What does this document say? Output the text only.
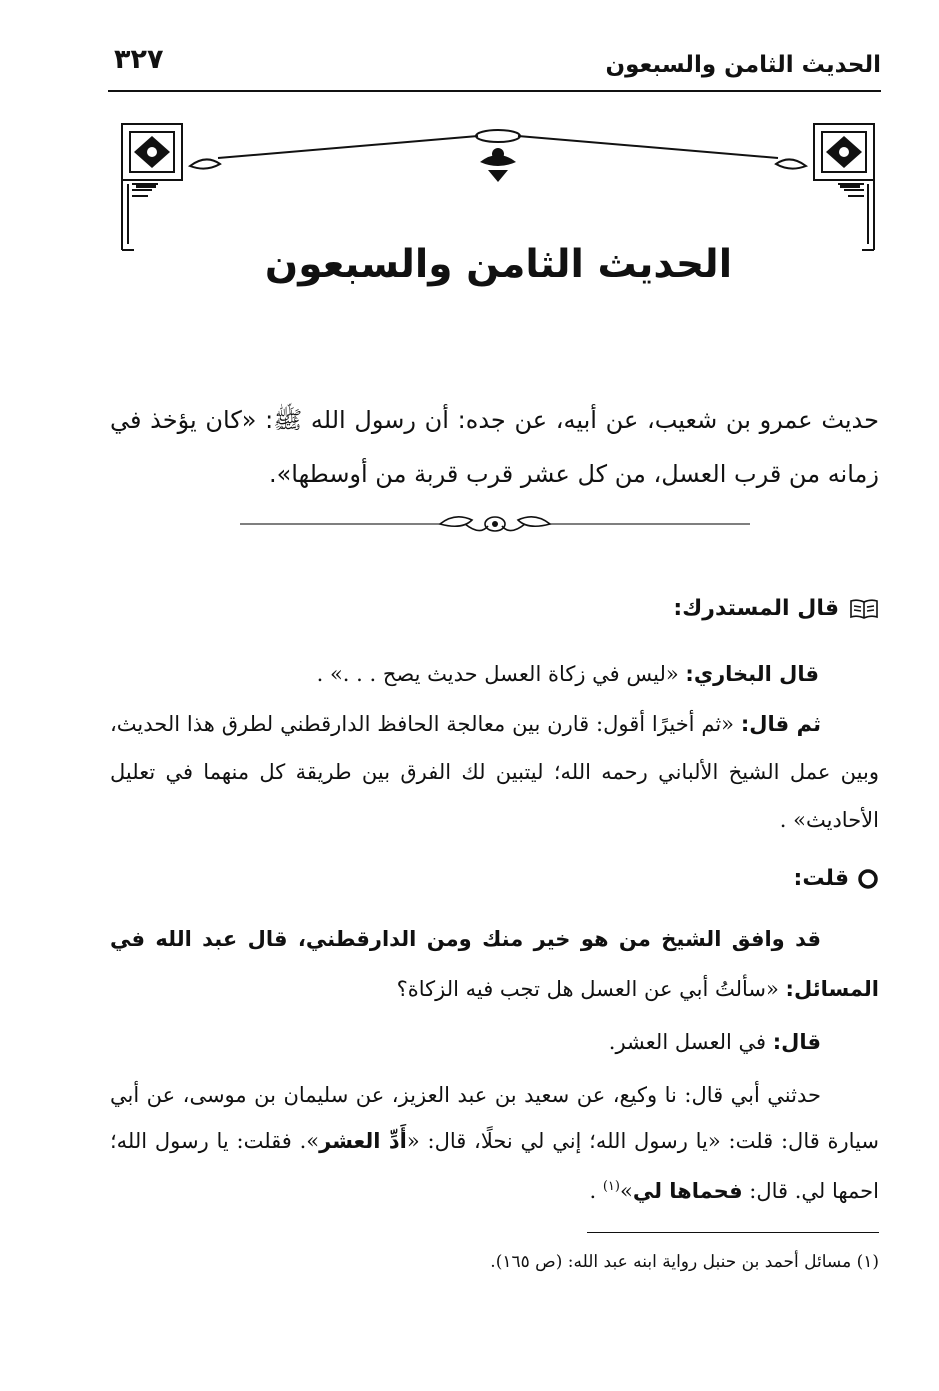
الحديث الثامن والسبعون
٣٢٧
الحديث الثامن والسبعون
حديث عمرو بن شعيب، عن أبيه، عن جده: أن رسول الله ﷺ: «كان يؤخذ في زمانه من قرب العسل، من كل عشر قرب قربة من أوسطها».
قال المستدرك:
قال البخاري: «ليس في زكاة العسل حديث يصح . . .» .
ثم قال: «ثم أخيرًا أقول: قارن بين معالجة الحافظ الدارقطني لطرق هذا الحديث، وبين عمل الشيخ الألباني رحمه الله؛ ليتبين لك الفرق بين طريقة كل منهما في تعليل الأحاديث» .
قلت:
قد وافق الشيخ من هو خير منك ومن الدارقطني، قال عبد الله في المسائل: «سألتُ أبي عن العسل هل تجب فيه الزكاة؟
قال: في العسل العشر.
حدثني أبي قال: نا وكيع، عن سعيد بن عبد العزيز، عن سليمان بن موسى، عن أبي سيارة قال: قلت: «يا رسول الله؛ إني لي نحلًا، قال: «أَدِّ العشر». فقلت: يا رسول الله؛ احمها لي. قال: فحماها لي»$^{(١)}$ .
(١) مسائل أحمد بن حنبل رواية ابنه عبد الله: (ص ١٦٥).
